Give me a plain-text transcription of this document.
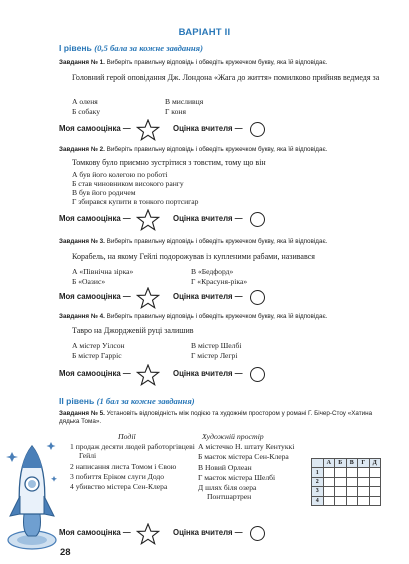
ВАРІАНТ II
І рівень (0,5 бала за кожне завдання)
Завдання № 1. Виберіть правильну відповідь і обведіть кружечком букву, яка їй відповідає.
Головний герой оповідання Дж. Лондона «Жага до життя» помилково прийняв ведмедя за
А оленя	В мисливця
Б собаку	Г коня
Моя самооцінка —	Оцінка вчителя —
Завдання № 2. Виберіть правильну відповідь і обведіть кружечком букву, яка їй відповідає.
Томкову було приємно зустрітися з товстим, тому що він
А був його колегою по роботі
Б став чиновником високого рангу
В був його родичем
Г збирався купити в тонкого портсигар
Моя самооцінка —	Оцінка вчителя —
Завдання № 3. Виберіть правильну відповідь і обведіть кружечком букву, яка їй відповідає.
Корабель, на якому Гейлі подорожував із купленими рабами, називався
А «Північна зірка»	В «Бедфорд»
Б «Оазис»	Г «Красуня-ріка»
Моя самооцінка —	Оцінка вчителя —
Завдання № 4. Виберіть правильну відповідь і обведіть кружечком букву, яка їй відповідає.
Тавро на Джорджевій руці залишив
А містер Уілсон	В містер Шелбі
Б містер Гарріс	Г містер Легрі
Моя самооцінка —	Оцінка вчителя —
ІІ рівень (1 бал за кожне завдання)
Завдання № 5. Установіть відповідність між подією та художнім простором у романі Г. Бічер-Стоу «Хатина дядька Тома».
Події	Художній простір
1 продаж десяти людей работоргівцеві Гейлі
2 написання листа Томом і Євою
3 побиття Еріком слуги Додо
4 убивство містера Сен-Клера
А містечко Н. штату Кентуккі
Б маєток містера Сен-Клера
В Новий Орлеан
Г маєток містера Шелбі
Д шлях біля озера Понтшартрен
	А	Б	В	Г	Д
1					
2					
3					
4					
Моя самооцінка —	Оцінка вчителя —
28
